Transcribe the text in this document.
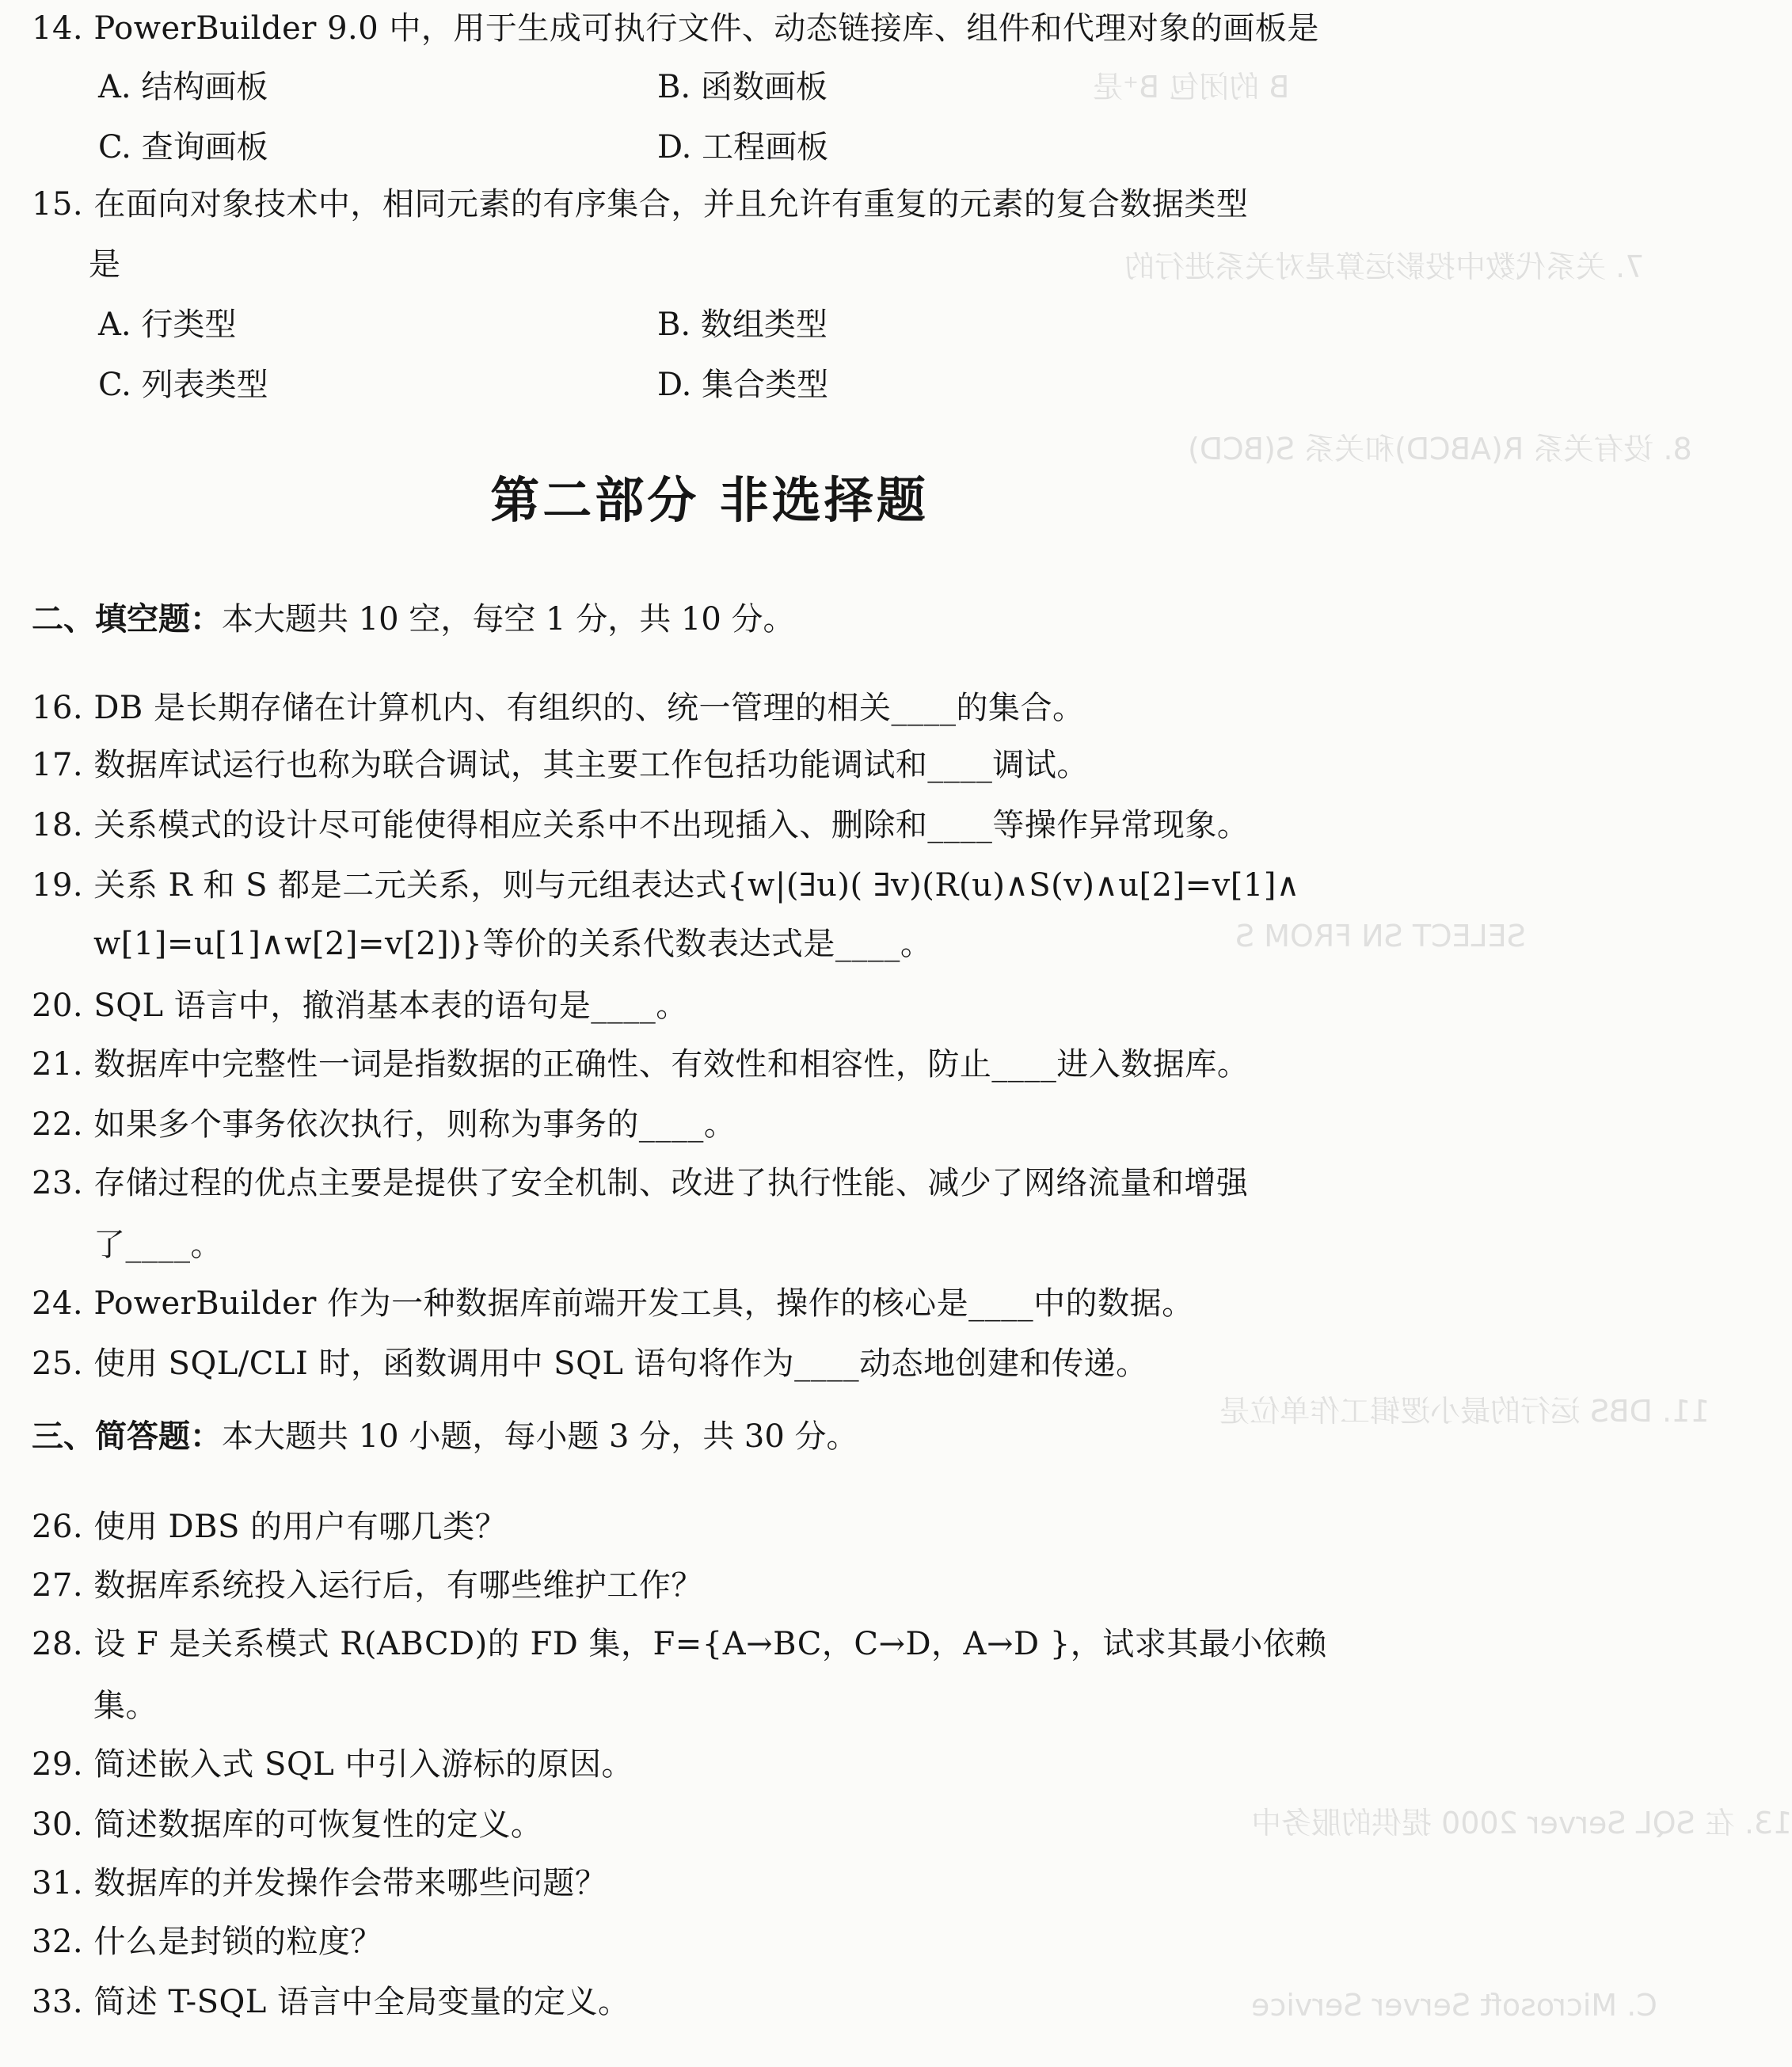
B 的闭包 B⁺是
7. 关系代数中投影运算是对关系进行的
8. 设有关系 R(ABCD)和关系 S(BCD)
SELECT SN FROM S
11. DBS 运行的最小逻辑工作单位是
13. 在 SQL Server 2000 提供的服务中
C. Microsoft Server Service
14. PowerBuilder 9.0 中，用于生成可执行文件、动态链接库、组件和代理对象的画板是
A. 结构画板	B. 函数画板
C. 查询画板	D. 工程画板
15. 在面向对象技术中，相同元素的有序集合，并且允许有重复的元素的复合数据类型
是
A. 行类型	B. 数组类型
C. 列表类型	D. 集合类型
第二部分 非选择题
二、填空题：本大题共 10 空，每空 1 分，共 10 分。
16. DB 是长期存储在计算机内、有组织的、统一管理的相关____的集合。
17. 数据库试运行也称为联合调试，其主要工作包括功能调试和____调试。
18. 关系模式的设计尽可能使得相应关系中不出现插入、删除和____等操作异常现象。
19. 关系 R 和 S 都是二元关系，则与元组表达式{w|(∃u)( ∃v)(R(u)∧S(v)∧u[2]=v[1]∧
w[1]=u[1]∧w[2]=v[2])}等价的关系代数表达式是____。
20. SQL 语言中，撤消基本表的语句是____。
21. 数据库中完整性一词是指数据的正确性、有效性和相容性，防止____进入数据库。
22. 如果多个事务依次执行，则称为事务的____。
23. 存储过程的优点主要是提供了安全机制、改进了执行性能、减少了网络流量和增强
了____。
24. PowerBuilder 作为一种数据库前端开发工具，操作的核心是____中的数据。
25. 使用 SQL/CLI 时，函数调用中 SQL 语句将作为____动态地创建和传递。
三、简答题：本大题共 10 小题，每小题 3 分，共 30 分。
26. 使用 DBS 的用户有哪几类？
27. 数据库系统投入运行后，有哪些维护工作？
28. 设 F 是关系模式 R(ABCD)的 FD 集，F={A→BC，C→D，A→D }，试求其最小依赖
集。
29. 简述嵌入式 SQL 中引入游标的原因。
30. 简述数据库的可恢复性的定义。
31. 数据库的并发操作会带来哪些问题？
32. 什么是封锁的粒度？
33. 简述 T-SQL 语言中全局变量的定义。
